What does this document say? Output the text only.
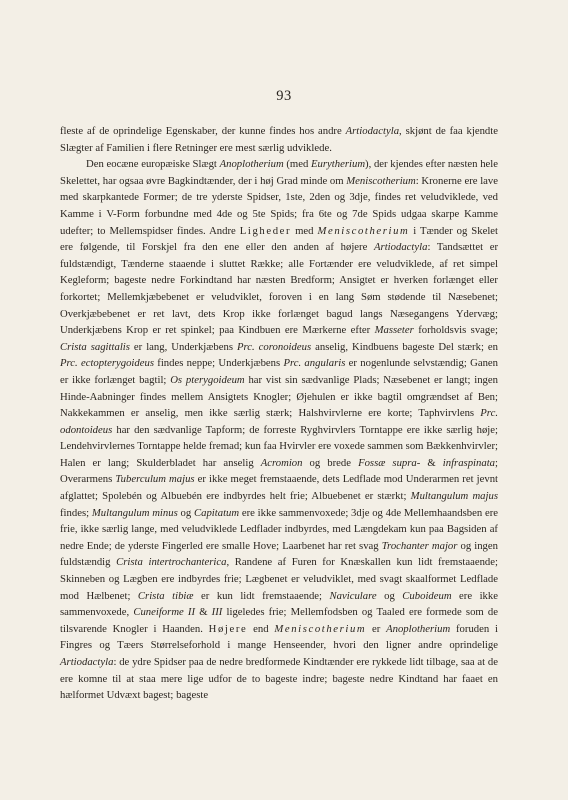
93

fleste af de oprindelige Egenskaber, der kunne findes hos andre Artiodactyla, skjønt de faa kjendte Slægter af Familien i flere Retninger ere mest særlig udviklede.

Den eocæne europæiske Slægt Anoplotherium (med Eurytherium), der kjendes efter næsten hele Skelettet, har ogsaa øvre Bagkindtænder, der i høj Grad minde om Meniscotherium: Kronerne ere lave med skarpkantede Former; de tre yderste Spidser, 1ste, 2den og 3dje, findes ret veludviklede, ved Kamme i V-Form forbundne med 4de og 5te Spids; fra 6te og 7de Spids udgaa skarpe Kamme udefter; to Mellemspidser findes. Andre Ligheder med Meniscotherium i Tænder og Skelet ere følgende, til Forskjel fra den ene eller den anden af højere Artiodactyla: Tandsættet er fuldstændigt, Tænderne staaende i sluttet Række; alle Fortænder ere veludviklede, af ret simpel Kegleform; bageste nedre Forkindtand har næsten Bredform; Ansigtet er hverken forlænget eller forkortet; Mellemkjæbebenet er veludviklet, foroven i en lang Søm stødende til Næsebenet; Overkjæbebenet er ret lavt, dets Krop ikke forlænget bagud langs Næsegangens Ydervæg; Underkjæbens Krop er ret spinkel; paa Kindbuen ere Mærkerne efter Masseter forholdsvis svage; Crista sagittalis er lang, Underkjæbens Prc. coronoideus anselig, Kindbuens bageste Del stærk; en Prc. ectopterygoideus findes neppe; Underkjæbens Prc. angularis er nogenlunde selvstændig; Ganen er ikke forlænget bagtil; Os pterygoideum har vist sin sædvanlige Plads; Næsebenet er langt; ingen Hinde-Aabninger findes mellem Ansigtets Knogler; Øjehulen er ikke bagtil omgrændset af Ben; Nakkekammen er anselig, men ikke særlig stærk; Halshvirvlerne ere korte; Taphvirvlens Prc. odontoideus har den sædvanlige Tapform; de forreste Ryghvirvlers Torntappe ere ikke særlig høje; Lendehvirvlernes Torntappe helde fremad; kun faa Hvirvler ere voxede sammen som Bækkenhvirvler; Halen er lang; Skulderbladet har anselig Acromion og brede Fossæ supra- & infraspinata; Overarmens Tuberculum majus er ikke meget fremstaaende, dets Ledflade mod Underarmen ret jevnt afglattet; Spolebén og Albuebén ere indbyrdes helt frie; Albuebenet er stærkt; Multangulum majus findes; Multangulum minus og Capitatum ere ikke sammenvoxede; 3dje og 4de Mellemhaandsben ere frie, ikke særlig lange, med veludviklede Ledflader indbyrdes, med Længdekam kun paa Bagsiden af nedre Ende; de yderste Fingerled ere smalle Hove; Laarbenet har ret svag Trochanter major og ingen fuldstændig Crista intertrochanterica, Randene af Furen for Knæskallen kun lidt fremstaaende; Skinneben og Lægben ere indbyrdes frie; Lægbenet er veludviklet, med svagt skaalformet Ledflade mod Hælbenet; Crista tibiæ er kun lidt fremstaaende; Naviculare og Cuboideum ere ikke sammenvoxede, Cuneiforme II & III ligeledes frie; Mellemfodsben og Taaled ere formede som de tilsvarende Knogler i Haanden. Højere end Meniscotherium er Anoplotherium foruden i Fingres og Tæers Størrelseforhold i mange Henseender, hvori den ligner andre oprindelige Artiodactyla: de ydre Spidser paa de nedre bredformede Kindtænder ere rykkede lidt tilbage, saa at de ere komne til at staa mere lige udfor de to bageste indre; bageste nedre Kindtand har faaet en hælformet Udvæxt bagest; bageste
